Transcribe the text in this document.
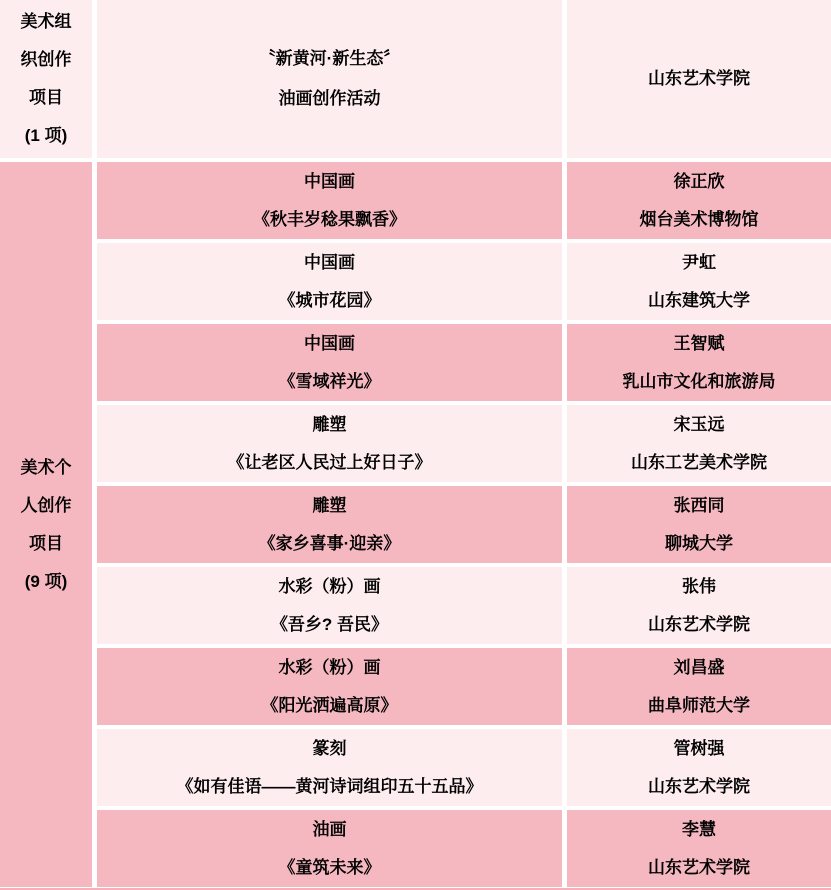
美术组
织创作
项目
(1 项)
〝新黄河·新生态〞
油画创作活动
山东艺术学院
美术个
人创作
项目
(9 项)
中国画
《秋丰岁稔果飘香》
徐正欣
烟台美术博物馆
中国画
《城市花园》
尹虹
山东建筑大学
中国画
《雪域祥光》
王智赋
乳山市文化和旅游局
雕塑
《让老区人民过上好日子》
宋玉远
山东工艺美术学院
雕塑
《家乡喜事·迎亲》
张西同
聊城大学
水彩（粉）画
《吾乡? 吾民》
张伟
山东艺术学院
水彩（粉）画
《阳光洒遍高原》
刘昌盛
曲阜师范大学
篆刻
《如有佳语——黄河诗词组印五十五品》
管树强
山东艺术学院
油画
《童筑未来》
李慧
山东艺术学院
